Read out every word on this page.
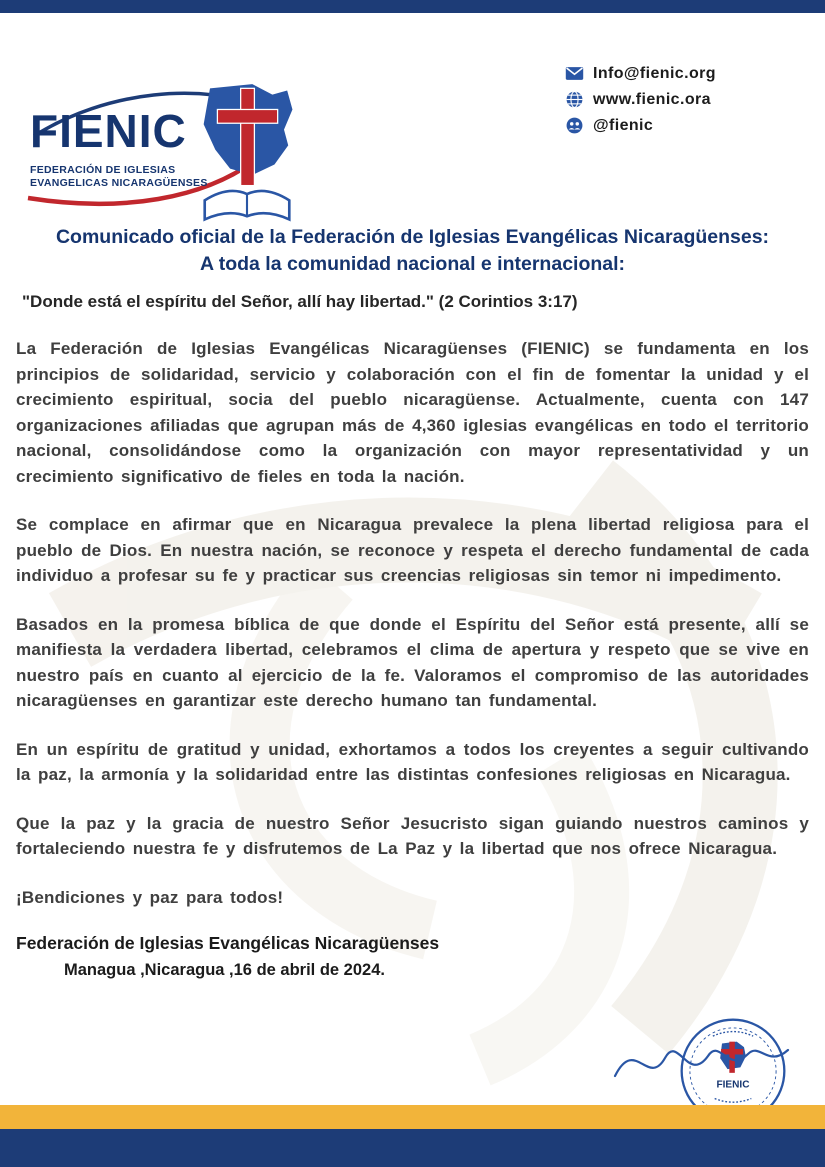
FIENIC
FEDERACIÓN DE IGLESIAS
EVANGELICAS NICARAGÜENSES
Info@fienic.org
www.fienic.ora
@fienic
Comunicado oficial de la Federación de Iglesias Evangélicas Nicaragüenses:
A toda la comunidad nacional e internacional:
"Donde está el espíritu del Señor, allí hay libertad." (2 Corintios 3:17)

La Federación de Iglesias Evangélicas Nicaragüenses (FIENIC) se fundamenta en los principios de solidaridad, servicio y colaboración con el fin de fomentar la unidad y el crecimiento espiritual, socia del pueblo nicaragüense. Actualmente, cuenta con 147 organizaciones afiliadas que agrupan más de 4,360 iglesias evangélicas en todo el territorio nacional, consolidándose como la organización con mayor representatividad y un crecimiento significativo de fieles en toda la nación.

Se complace en afirmar que en Nicaragua prevalece la plena libertad religiosa para el pueblo de Dios. En nuestra nación, se reconoce y respeta el derecho fundamental de cada individuo a profesar su fe y practicar sus creencias religiosas sin temor ni impedimento.

Basados en la promesa bíblica de que donde el Espíritu del Señor está presente, allí se manifiesta la verdadera libertad, celebramos el clima de apertura y respeto que se vive en nuestro país en cuanto al ejercicio de la fe. Valoramos el compromiso de las autoridades nicaragüenses en garantizar este derecho humano tan fundamental.

En un espíritu de gratitud y unidad, exhortamos a todos los creyentes a seguir cultivando la paz, la armonía y la solidaridad entre las distintas confesiones religiosas en Nicaragua.

Que la paz y la gracia de nuestro Señor Jesucristo sigan guiando nuestros caminos y fortaleciendo nuestra fe y disfrutemos de La Paz y la libertad que nos ofrece Nicaragua.

¡Bendiciones y paz para todos!

Federación de Iglesias Evangélicas Nicaragüenses
Managua ,Nicaragua ,16 de abril de 2024.
FIENIC
